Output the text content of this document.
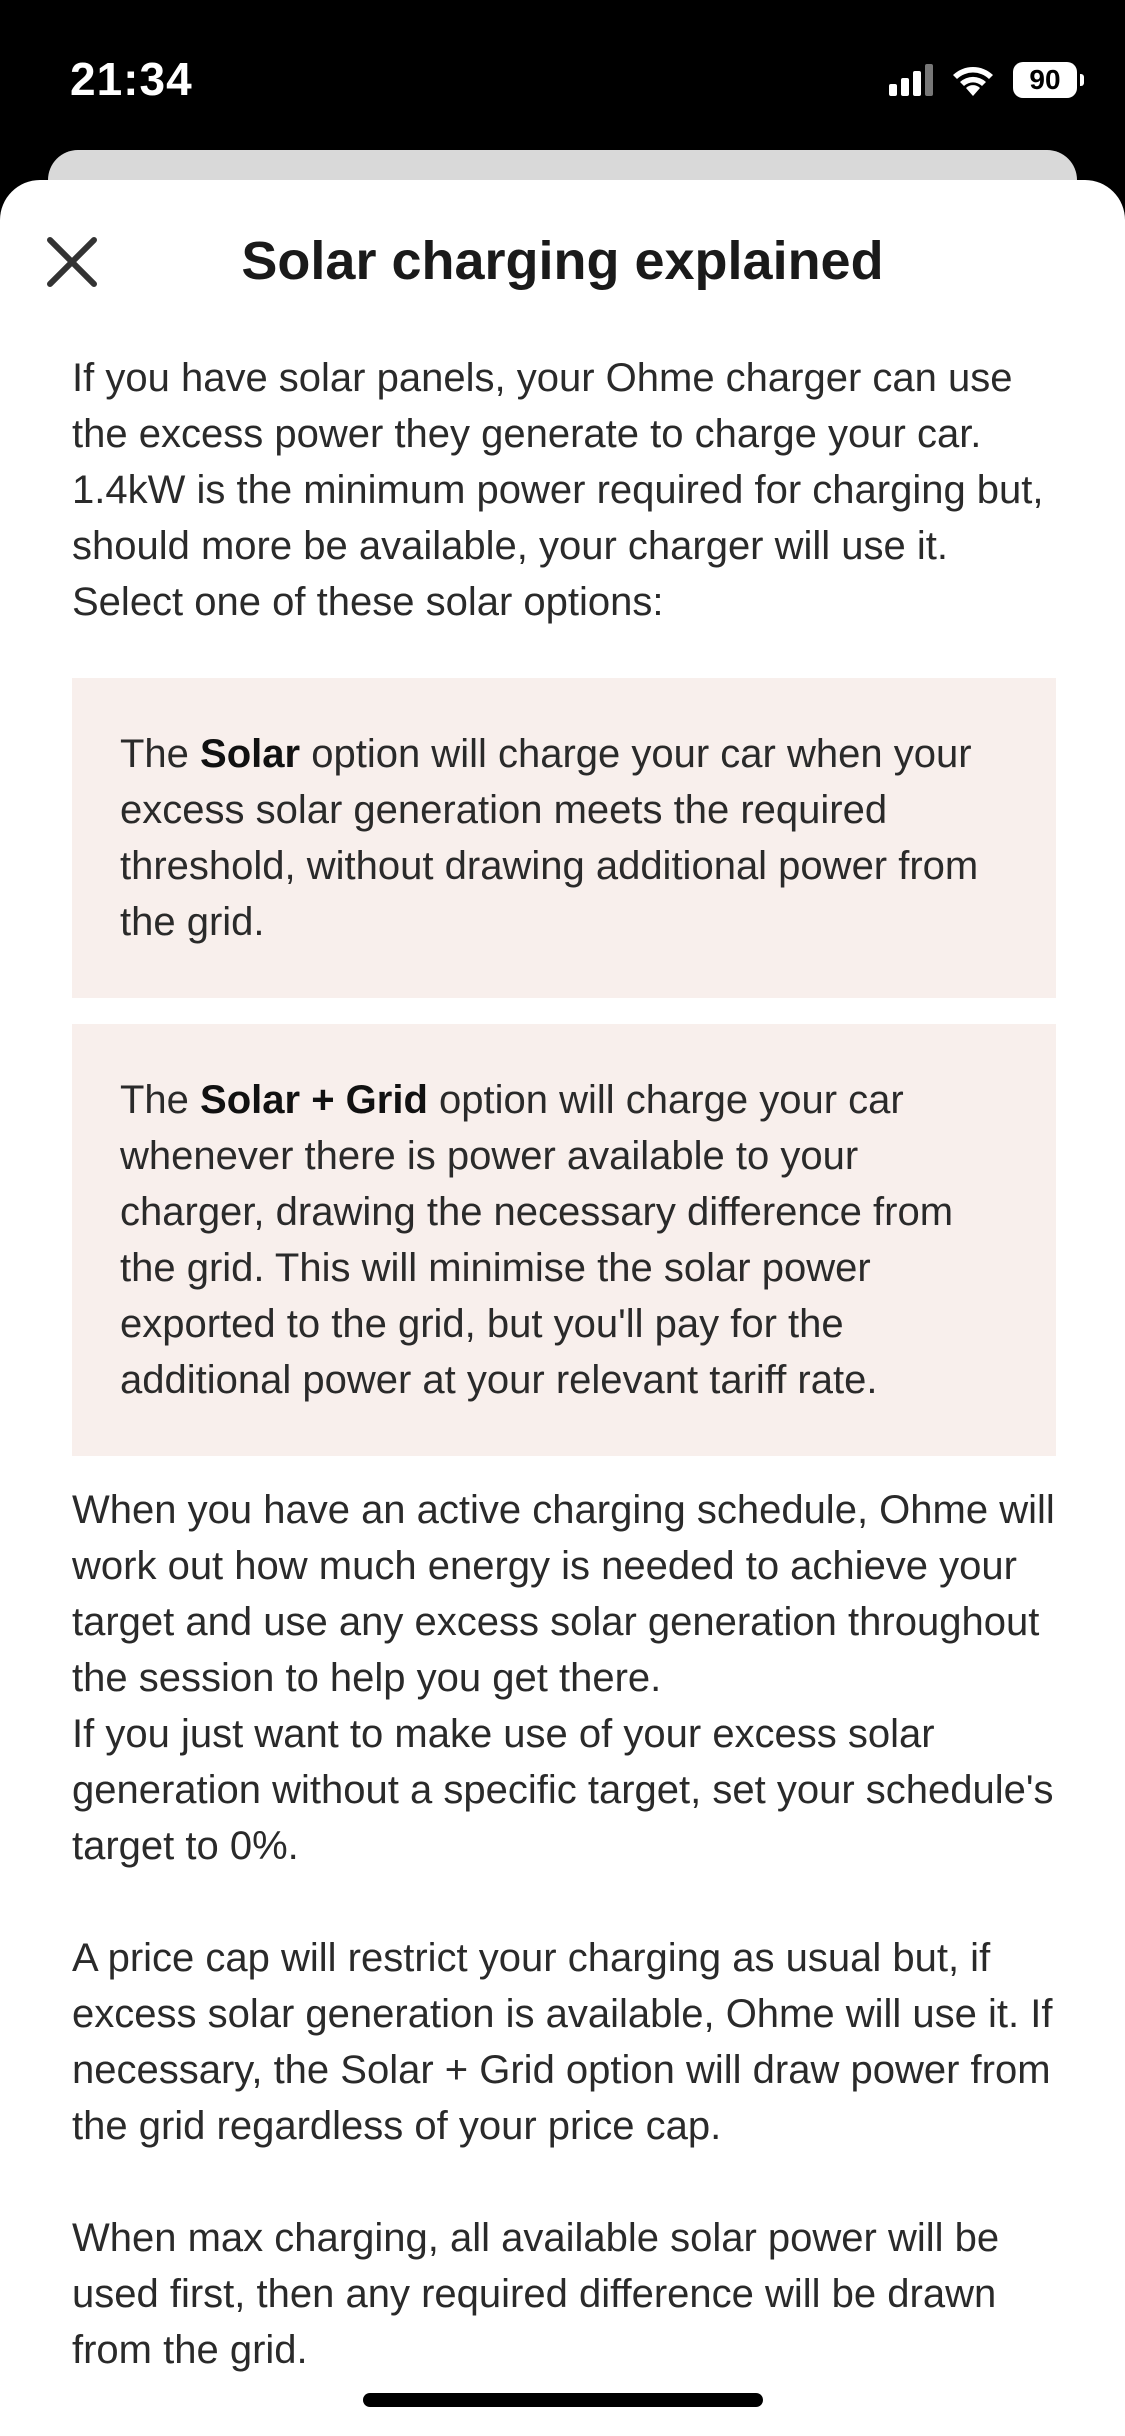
21:34	90
Solar charging explained

If you have solar panels, your Ohme charger can use the excess power they generate to charge your car. 1.4kW is the minimum power required for charging but, should more be available, your charger will use it. Select one of these solar options:

The Solar option will charge your car when your excess solar generation meets the required threshold, without drawing additional power from the grid.
The Solar + Grid option will charge your car whenever there is power available to your charger, drawing the necessary difference from the grid. This will minimise the solar power exported to the grid, but you'll pay for the additional power at your relevant tariff rate.

When you have an active charging schedule, Ohme will work out how much energy is needed to achieve your target and use any excess solar generation throughout the session to help you get there.

If you just want to make use of your excess solar generation without a specific target, set your schedule's target to 0%.

A price cap will restrict your charging as usual but, if excess solar generation is available, Ohme will use it. If necessary, the Solar + Grid option will draw power from the grid regardless of your price cap.

When max charging, all available solar power will be used first, then any required difference will be drawn from the grid.
